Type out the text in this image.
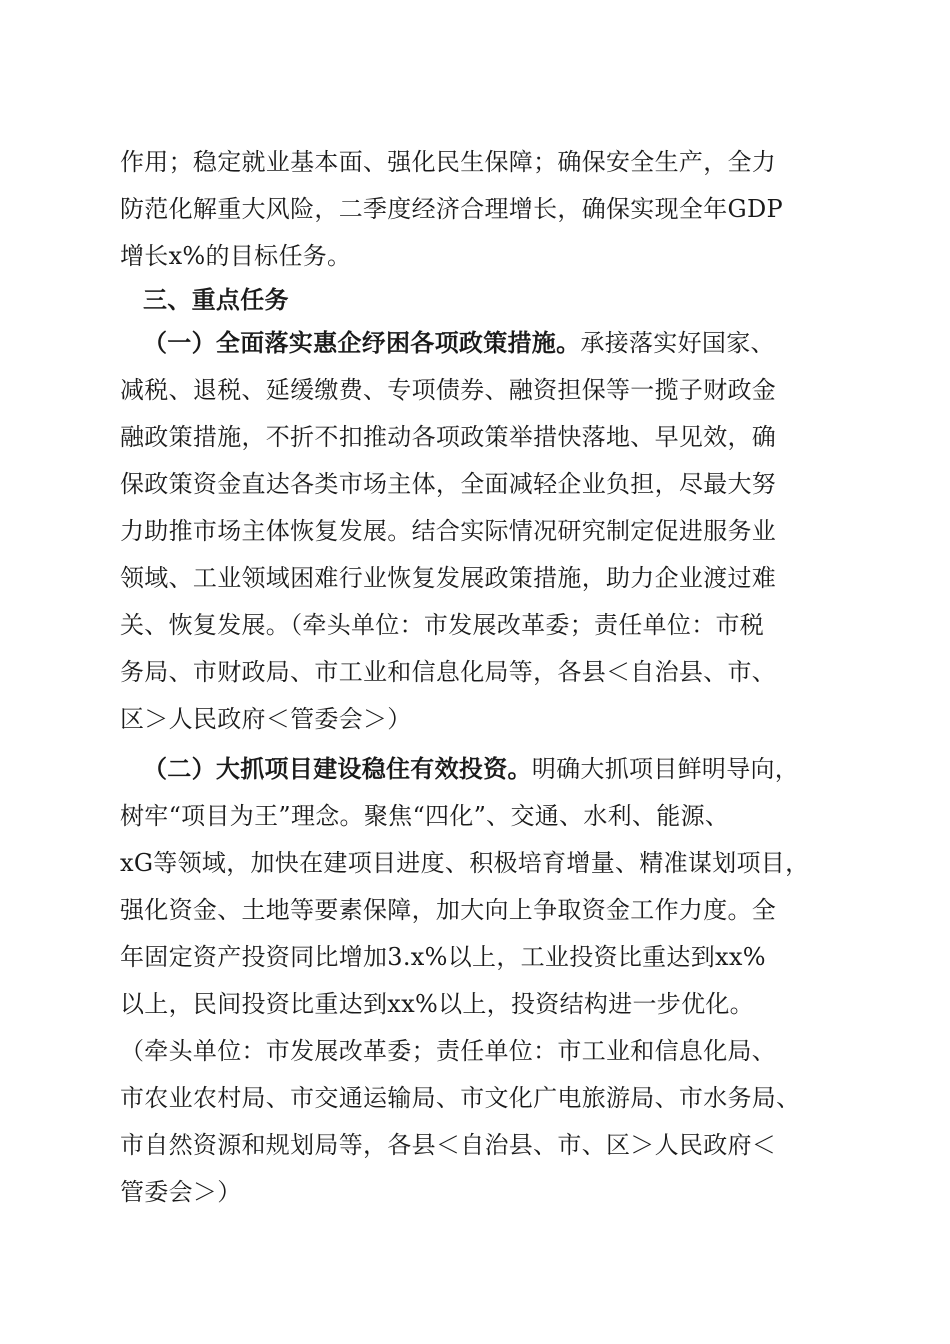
作用；稳定就业基本面、强化民生保障；确保安全生产，全力
防范化解重大风险，二季度经济合理增长，确保实现全年GDP
增长x%的目标任务。
三、重点任务
（一）全面落实惠企纾困各项政策措施。承接落实好国家、
减税、退税、延缓缴费、专项债券、融资担保等一揽子财政金
融政策措施，不折不扣推动各项政策举措快落地、早见效，确
保政策资金直达各类市场主体，全面减轻企业负担，尽最大努
力助推市场主体恢复发展。结合实际情况研究制定促进服务业
领域、工业领域困难行业恢复发展政策措施，助力企业渡过难
关、恢复发展。（牵头单位：市发展改革委；责任单位：市税
务局、市财政局、市工业和信息化局等，各县＜自治县、市、
区＞人民政府＜管委会＞）
（二）大抓项目建设稳住有效投资。明确大抓项目鲜明导向，
树牢“项目为王”理念。聚焦“四化”、交通、水利、能源、
xG等领域，加快在建项目进度、积极培育增量、精准谋划项目，
强化资金、土地等要素保障，加大向上争取资金工作力度。全
年固定资产投资同比增加3.x%以上，工业投资比重达到xx%
以上，民间投资比重达到xx%以上，投资结构进一步优化。
（牵头单位：市发展改革委；责任单位：市工业和信息化局、
市农业农村局、市交通运输局、市文化广电旅游局、市水务局、
市自然资源和规划局等，各县＜自治县、市、区＞人民政府＜
管委会＞）
